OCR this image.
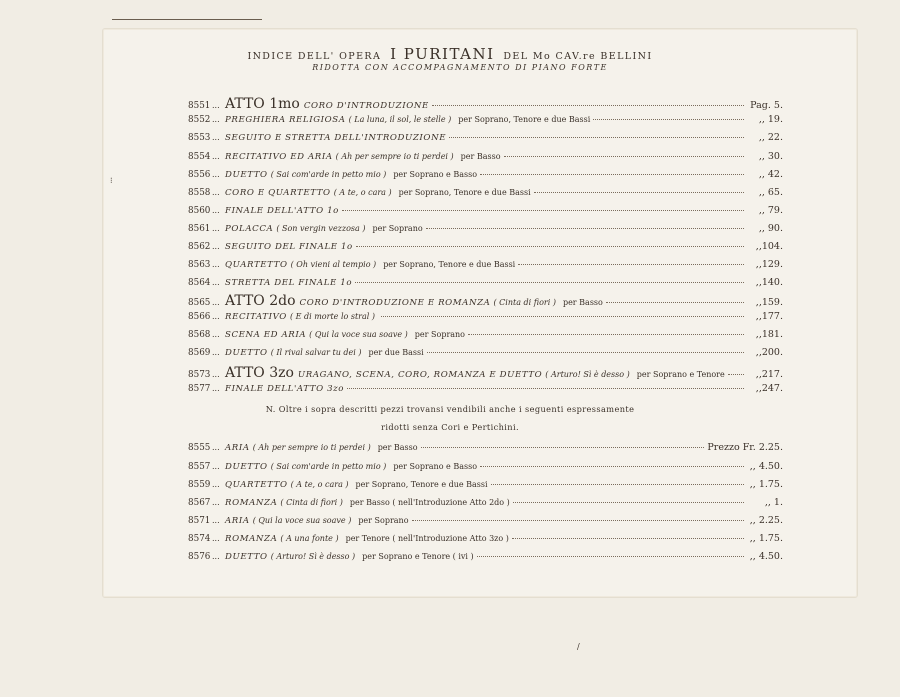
INDICE DELL' OPERA I PURITANI DEL Mo CAV.re BELLINI
RIDOTTA CON ACCOMPAGNAMENTO DI PIANO FORTE
8551 ... ATTO 1mo CORO D'INTRODUZIONE	Pag. 5.
8552 ... PREGHIERA RELIGIOSA ( La luna, il sol, le stelle ) per Soprano, Tenore e due Bassi	,, 19.
8553 ... SEGUITO E STRETTA DELL'INTRODUZIONE	,, 22.
8554 ... RECITATIVO ED ARIA ( Ah per sempre io ti perdei ) per Basso	,, 30.
8556 ... DUETTO ( Sai com'arde in petto mio ) per Soprano e Basso	,, 42.
8558 ... CORO E QUARTETTO ( A te, o cara ) per Soprano, Tenore e due Bassi	,, 65.
8560 ... FINALE DELL'ATTO 1o	,, 79.
8561 ... POLACCA ( Son vergin vezzosa ) per Soprano	,, 90.
8562 ... SEGUITO DEL FINALE 1o	,,104.
8563 ... QUARTETTO ( Oh vieni al tempio ) per Soprano, Tenore e due Bassi	,,129.
8564 ... STRETTA DEL FINALE 1o	,,140.
8565 ... ATTO 2do CORO D'INTRODUZIONE E ROMANZA ( Cinta di fiori ) per Basso	,,159.
8566 ... RECITATIVO ( E di morte lo stral )	,,177.
8568 ... SCENA ED ARIA ( Qui la voce sua soave ) per Soprano	,,181.
8569 ... DUETTO ( Il rival salvar tu dei ) per due Bassi	,,200.
8573 ... ATTO 3zo URAGANO, SCENA, CORO, ROMANZA E DUETTO ( Arturo! Sì è desso ) per Soprano e Tenore	,,217.
8577 ... FINALE DELL'ATTO 3zo	,,247.
N. Oltre i sopra descritti pezzi trovansi vendibili anche i seguenti espressamente
ridotti senza Cori e Pertichini.
8555 ... ARIA ( Ah per sempre io ti perdei ) per Basso	Prezzo Fr. 2.25.
8557 ... DUETTO ( Sai com'arde in petto mio ) per Soprano e Basso	,, 4.50.
8559 ... QUARTETTO ( A te, o cara ) per Soprano, Tenore e due Bassi	,, 1.75.
8567 ... ROMANZA ( Cinta di fiori ) per Basso ( nell'Introduzione Atto 2do )	,, 1.
8571 ... ARIA ( Qui la voce sua soave ) per Soprano	,, 2.25.
8574 ... ROMANZA ( A una fonte ) per Tenore ( nell'Introduzione Atto 3zo )	,, 1.75.
8576 ... DUETTO ( Arturo! Sì è desso ) per Soprano e Tenore ( ivi )	,, 4.50.
⁝
/
